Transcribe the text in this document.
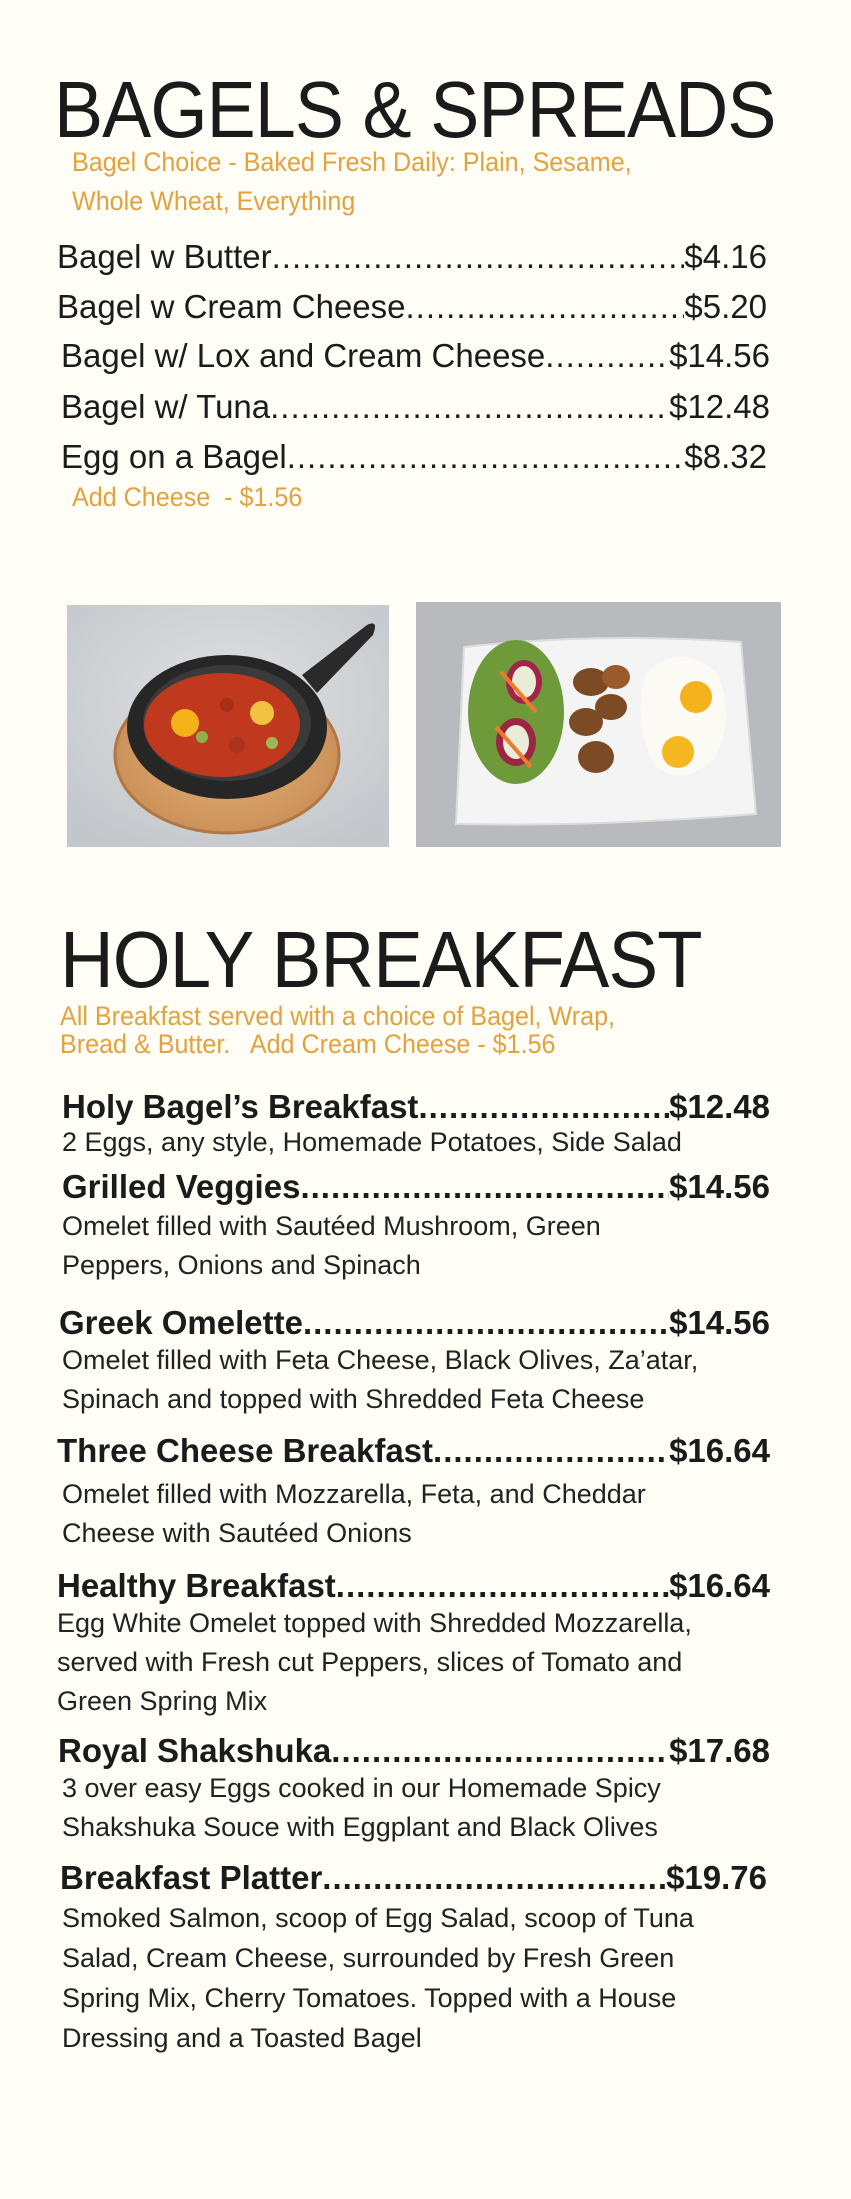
BAGELS & SPREADS
Bagel Choice - Baked Fresh Daily: Plain, Sesame,
Whole Wheat, Everything
Bagel w Butter .....	$4.16
Bagel w Cream Cheese .....	$5.20
Bagel w/ Lox and Cream Cheese .....	$14.56
Bagel w/ Tuna .....	$12.48
Egg on a Bagel .....	$8.32
Add Cheese  - $1.56
HOLY BREAKFAST
All Breakfast served with a choice of Bagel, Wrap,
Bread & Butter.   Add Cream Cheese - $1.56
Holy Bagel’s Breakfast .....	$12.48
2 Eggs, any style, Homemade Potatoes, Side Salad
Grilled Veggies .....	$14.56
Omelet filled with Sautéed Mushroom, Green
Peppers, Onions and Spinach
Greek Omelette .....	$14.56
Omelet filled with Feta Cheese, Black Olives, Za’atar,
Spinach and topped with Shredded Feta Cheese
Three Cheese Breakfast .....	$16.64
Omelet filled with Mozzarella, Feta, and Cheddar
Cheese with Sautéed Onions
Healthy Breakfast .....	$16.64
Egg White Omelet topped with Shredded Mozzarella,
served with Fresh cut Peppers, slices of Tomato and
Green Spring Mix
Royal Shakshuka .....	$17.68
3 over easy Eggs cooked in our Homemade Spicy
Shakshuka Souce with Eggplant and Black Olives
Breakfast Platter .....	$19.76
Smoked Salmon, scoop of Egg Salad, scoop of Tuna
Salad, Cream Cheese, surrounded by Fresh Green
Spring Mix, Cherry Tomatoes. Topped with a House
Dressing and a Toasted Bagel
